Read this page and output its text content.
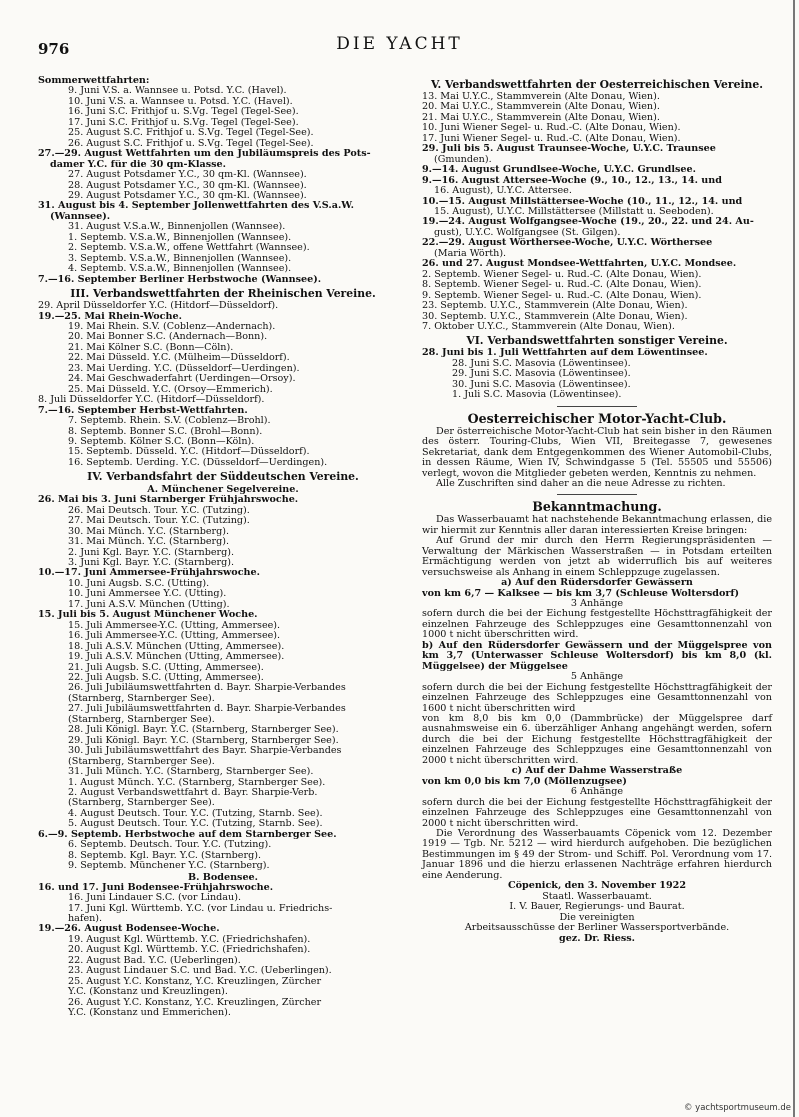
976	DIE YACHT
Sommerwettfahrten:
9. Juni V.S. a. Wannsee u. Potsd. Y.C. (Havel).
10. Juni V.S. a. Wannsee u. Potsd. Y.C. (Havel).
16. Juni S.C. Frithjof u. S.Vg. Tegel (Tegel-See).
17. Juni S.C. Frithjof u. S.Vg. Tegel (Tegel-See).
25. August S.C. Frithjof u. S.Vg. Tegel (Tegel-See).
26. August S.C. Frithjof u. S.Vg. Tegel (Tegel-See).
27.—29. August Wettfahrten um den Jubiläumspreis des Pots-
damer Y.C. für die 30 qm-Klasse.
27. August Potsdamer Y.C., 30 qm-Kl. (Wannsee).
28. August Potsdamer Y.C., 30 qm-Kl. (Wannsee).
29. August Potsdamer Y.C., 30 qm-Kl. (Wannsee).
31. August bis 4. September Jollenwettfahrten des V.S.a.W.
(Wannsee).
31. August V.S.a.W., Binnenjollen (Wannsee).
1. Septemb. V.S.a.W., Binnenjollen (Wannsee).
2. Septemb. V.S.a.W., offene Wettfahrt (Wannsee).
3. Septemb. V.S.a.W., Binnenjollen (Wannsee).
4. Septemb. V.S.a.W., Binnenjollen (Wannsee).
7.—16. September Berliner Herbstwoche (Wannsee).
III. Verbandswettfahrten der Rheinischen Vereine.
29. April Düsseldorfer Y.C. (Hitdorf—Düsseldorf).
19.—25. Mai Rhein-Woche.
19. Mai Rhein. S.V. (Coblenz—Andernach).
20. Mai Bonner S.C. (Andernach—Bonn).
21. Mai Kölner S.C. (Bonn—Cöln).
22. Mai Düsseld. Y.C. (Mülheim—Düsseldorf).
23. Mai Uerding. Y.C. (Düsseldorf—Uerdingen).
24. Mai Geschwaderfahrt (Uerdingen—Orsoy).
25. Mai Düsseld. Y.C. (Orsoy—Emmerich).
8. Juli Düsseldorfer Y.C. (Hitdorf—Düsseldorf).
7.—16. September Herbst-Wettfahrten.
7. Septemb. Rhein. S.V. (Coblenz—Brohl).
8. Septemb. Bonner S.C. (Brohl—Bonn).
9. Septemb. Kölner S.C. (Bonn—Köln).
15. Septemb. Düsseld. Y.C. (Hitdorf—Düsseldorf).
16. Septemb. Uerding. Y.C. (Düsseldorf—Uerdingen).
IV. Verbandsfahrt der Süddeutschen Vereine.
A. Münchener Segelvereine.
26. Mai bis 3. Juni Starnberger Frühjahrswoche.
26. Mai Deutsch. Tour. Y.C. (Tutzing).
27. Mai Deutsch. Tour. Y.C. (Tutzing).
30. Mai Münch. Y.C. (Starnberg).
31. Mai Münch. Y.C. (Starnberg).
2. Juni Kgl. Bayr. Y.C. (Starnberg).
3. Juni Kgl. Bayr. Y.C. (Starnberg).
10.—17. Juni Ammersee-Frühjahrswoche.
10. Juni Augsb. S.C. (Utting).
10. Juni Ammersee Y.C. (Utting).
17. Juni A.S.V. München (Utting).
15. Juli bis 5. August Münchener Woche.
15. Juli Ammersee-Y.C. (Utting, Ammersee).
16. Juli Ammersee-Y.C. (Utting, Ammersee).
18. Juli A.S.V. München (Utting, Ammersee).
19. Juli A.S.V. München (Utting, Ammersee).
21. Juli Augsb. S.C. (Utting, Ammersee).
22. Juli Augsb. S.C. (Utting, Ammersee).
26. Juli Jubiläumswettfahrten d. Bayr. Sharpie-Verbandes
(Starnberg, Starnberger See).
27. Juli Jubiläumswettfahrten d. Bayr. Sharpie-Verbandes
(Starnberg, Starnberger See).
28. Juli Königl. Bayr. Y.C. (Starnberg, Starnberger See).
29. Juli Königl. Bayr. Y.C. (Starnberg, Starnberger See).
30. Juli Jubiläumswettfahrt des Bayr. Sharpie-Verbandes
(Starnberg, Starnberger See).
31. Juli Münch. Y.C. (Starnberg, Starnberger See).
1. August Münch. Y.C. (Starnberg, Starnberger See).
2. August Verbandswettfahrt d. Bayr. Sharpie-Verb.
(Starnberg, Starnberger See).
4. August Deutsch. Tour. Y.C. (Tutzing, Starnb. See).
5. August Deutsch. Tour. Y.C. (Tutzing, Starnb. See).
6.—9. Septemb. Herbstwoche auf dem Starnberger See.
6. Septemb. Deutsch. Tour. Y.C. (Tutzing).
8. Septemb. Kgl. Bayr. Y.C. (Starnberg).
9. Septemb. Münchener Y.C. (Starnberg).
B. Bodensee.
16. und 17. Juni Bodensee-Frühjahrswoche.
16. Juni Lindauer S.C. (vor Lindau).
17. Juni Kgl. Württemb. Y.C. (vor Lindau u. Friedrichs-
hafen).
19.—26. August Bodensee-Woche.
19. August Kgl. Württemb. Y.C. (Friedrichshafen).
20. August Kgl. Württemb. Y.C. (Friedrichshafen).
22. August Bad. Y.C. (Ueberlingen).
23. August Lindauer S.C. und Bad. Y.C. (Ueberlingen).
25. August Y.C. Konstanz, Y.C. Kreuzlingen, Zürcher
Y.C. (Konstanz und Kreuzlingen).
26. August Y.C. Konstanz, Y.C. Kreuzlingen, Zürcher
Y.C. (Konstanz und Emmerichen).
V. Verbandswettfahrten der Oesterreichischen Vereine.
13. Mai U.Y.C., Stammverein (Alte Donau, Wien).
20. Mai U.Y.C., Stammverein (Alte Donau, Wien).
21. Mai U.Y.C., Stammverein (Alte Donau, Wien).
10. Juni Wiener Segel- u. Rud.-C. (Alte Donau, Wien).
17. Juni Wiener Segel- u. Rud.-C. (Alte Donau, Wien).
29. Juli bis 5. August Traunsee-Woche, U.Y.C. Traunsee
(Gmunden).
9.—14. August Grundlsee-Woche, U.Y.C. Grundlsee.
9.—16. August Attersee-Woche (9., 10., 12., 13., 14. und
16. August), U.Y.C. Attersee.
10.—15. August Millstättersee-Woche (10., 11., 12., 14. und
15. August), U.Y.C. Millstättersee (Millstatt u. Seeboden).
19.—24. August Wolfgangsee-Woche (19., 20., 22. und 24. Au-
gust), U.Y.C. Wolfgangsee (St. Gilgen).
22.—29. August Wörthersee-Woche, U.Y.C. Wörthersee
(Maria Wörth).
26. und 27. August Mondsee-Wettfahrten, U.Y.C. Mondsee.
2. Septemb. Wiener Segel- u. Rud.-C. (Alte Donau, Wien).
8. Septemb. Wiener Segel- u. Rud.-C. (Alte Donau, Wien).
9. Septemb. Wiener Segel- u. Rud.-C. (Alte Donau, Wien).
23. Septemb. U.Y.C., Stammverein (Alte Donau, Wien).
30. Septemb. U.Y.C., Stammverein (Alte Donau, Wien).
7. Oktober U.Y.C., Stammverein (Alte Donau, Wien).
VI. Verbandswettfahrten sonstiger Vereine.
28. Juni bis 1. Juli Wettfahrten auf dem Löwentinsee.
28. Juni S.C. Masovia (Löwentinsee).
29. Juni S.C. Masovia (Löwentinsee).
30. Juni S.C. Masovia (Löwentinsee).
1. Juli S.C. Masovia (Löwentinsee).
Oesterreichischer Motor-Yacht-Club.
Der österreichische Motor-Yacht-Club hat sein bisher in den Räumen des österr. Touring-Clubs, Wien VII, Breitegasse 7, gewesenes Sekretariat, dank dem Entgegenkommen des Wiener Automobil-Clubs, in dessen Räume, Wien IV, Schwindgasse 5 (Tel. 55505 und 55506) verlegt, wovon die Mitglieder gebeten werden, Kenntnis zu nehmen.
Alle Zuschriften sind daher an die neue Adresse zu richten.
Bekanntmachung.
Das Wasserbauamt hat nachstehende Bekanntmachung erlassen, die wir hiermit zur Kenntnis aller daran interessierten Kreise bringen:
Auf Grund der mir durch den Herrn Regierungspräsidenten — Verwaltung der Märkischen Wasserstraßen — in Potsdam erteilten Ermächtigung werden von jetzt ab widerruflich bis auf weiteres versuchsweise als Anhang in einem Schleppzuge zugelassen.
a) Auf den Rüdersdorfer Gewässern
von km 6,7 — Kalksee — bis km 3,7 (Schleuse Woltersdorf)
3 Anhänge
sofern durch die bei der Eichung festgestellte Höchsttragfähigkeit der einzelnen Fahrzeuge des Schleppzuges eine Gesamttonnenzahl von 1000 t nicht überschritten wird.
b) Auf den Rüdersdorfer Gewässern und der Müggelspree von km 3,7 (Unterwasser Schleuse Woltersdorf) bis km 8,0 (kl. Müggelsee) der Müggelsee
5 Anhänge
sofern durch die bei der Eichung festgestellte Höchsttragfähigkeit der einzelnen Fahrzeuge des Schleppzuges eine Gesamttonnenzahl von 1600 t nicht überschritten wird
von km 8,0 bis km 0,0 (Dammbrücke) der Müggelspree darf ausnahmsweise ein 6. überzähliger Anhang angehängt werden, sofern durch die bei der Eichung festgestellte Höchsttragfähigkeit der einzelnen Fahrzeuge des Schleppzuges eine Gesamttonnenzahl von 2000 t nicht überschritten wird.
c) Auf der Dahme Wasserstraße
von km 0,0 bis km 7,0 (Möllenzugsee)
6 Anhänge
sofern durch die bei der Eichung festgestellte Höchsttragfähigkeit der einzelnen Fahrzeuge des Schleppzuges eine Gesamttonnenzahl von 2000 t nicht überschritten wird.
Die Verordnung des Wasserbauamts Cöpenick vom 12. Dezember 1919 — Tgb. Nr. 5212 — wird hierdurch aufgehoben. Die bezüglichen Bestimmungen im § 49 der Strom- und Schiff. Pol. Verordnung vom 17. Januar 1896 und die hierzu erlassenen Nachträge erfahren hierdurch eine Aenderung.
Cöpenick, den 3. November 1922
Staatl. Wasserbauamt.
I. V. Bauer, Regierungs- und Baurat.
Die vereinigten
Arbeitsausschüsse der Berliner Wassersportverbände.
gez. Dr. Riess.
© yachtsportmuseum.de
